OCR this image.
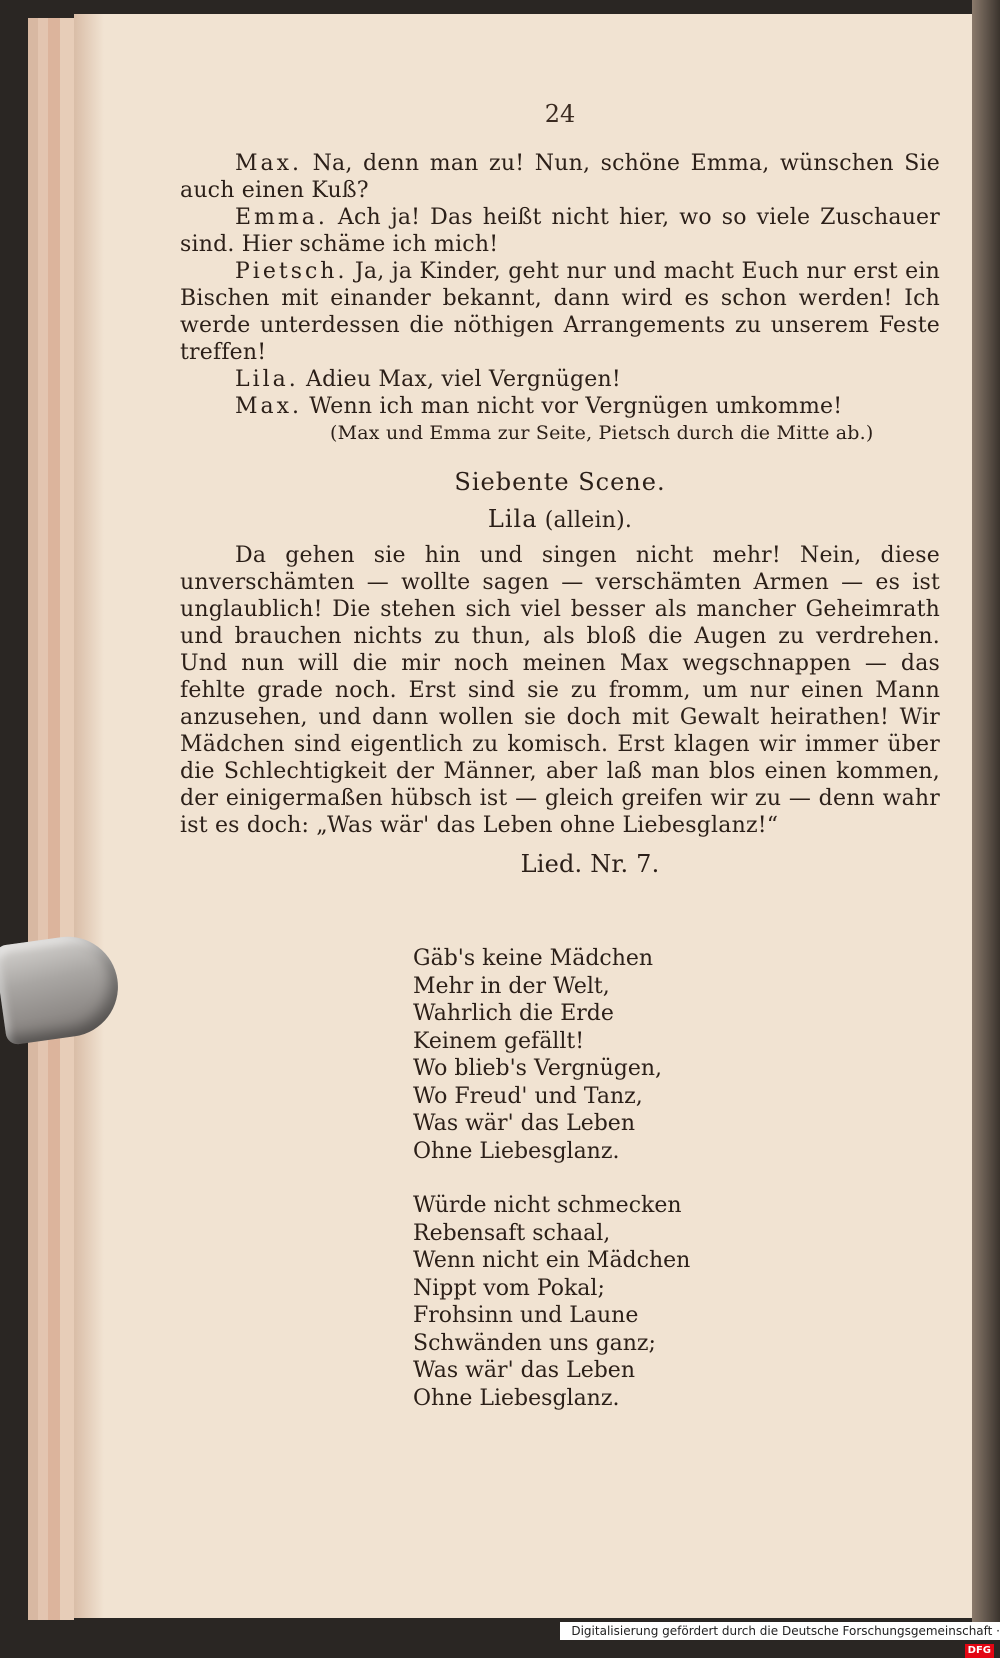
24

Max. Na, denn man zu! Nun, schöne Emma, wünschen Sie auch einen Kuß?

Emma. Ach ja! Das heißt nicht hier, wo so viele Zuschauer sind. Hier schäme ich mich!

Pietsch. Ja, ja Kinder, geht nur und macht Euch nur erst ein Bischen mit einander bekannt, dann wird es schon werden! Ich werde unterdessen die nöthigen Arrangements zu unserem Feste treffen!

Lila. Adieu Max, viel Vergnügen!

Max. Wenn ich man nicht vor Vergnügen umkomme!

(Max und Emma zur Seite, Pietsch durch die Mitte ab.)

Siebente Scene.

Lila (allein).

Da gehen sie hin und singen nicht mehr! Nein, diese unverschämten — wollte sagen — verschämten Armen — es ist unglaublich! Die stehen sich viel besser als mancher Geheimrath und brauchen nichts zu thun, als bloß die Augen zu verdrehen. Und nun will die mir noch meinen Max wegschnappen — das fehlte grade noch. Erst sind sie zu fromm, um nur einen Mann anzusehen, und dann wollen sie doch mit Gewalt heirathen! Wir Mädchen sind eigentlich zu komisch. Erst klagen wir immer über die Schlechtigkeit der Männer, aber laß man blos einen kommen, der einigermaßen hübsch ist — gleich greifen wir zu — denn wahr ist es doch: „Was wär' das Leben ohne Liebesglanz!“

Lied. Nr. 7.

Gäb's keine Mädchen
Mehr in der Welt,
Wahrlich die Erde
Keinem gefällt!
Wo blieb's Vergnügen,
Wo Freud' und Tanz,
Was wär' das Leben
Ohne Liebesglanz.
Würde nicht schmecken
Rebensaft schaal,
Wenn nicht ein Mädchen
Nippt vom Pokal;
Frohsinn und Laune
Schwänden uns ganz;
Was wär' das Leben
Ohne Liebesglanz.
Digitalisierung gefördert durch die Deutsche Forschungsgemeinschaft ·DFG
